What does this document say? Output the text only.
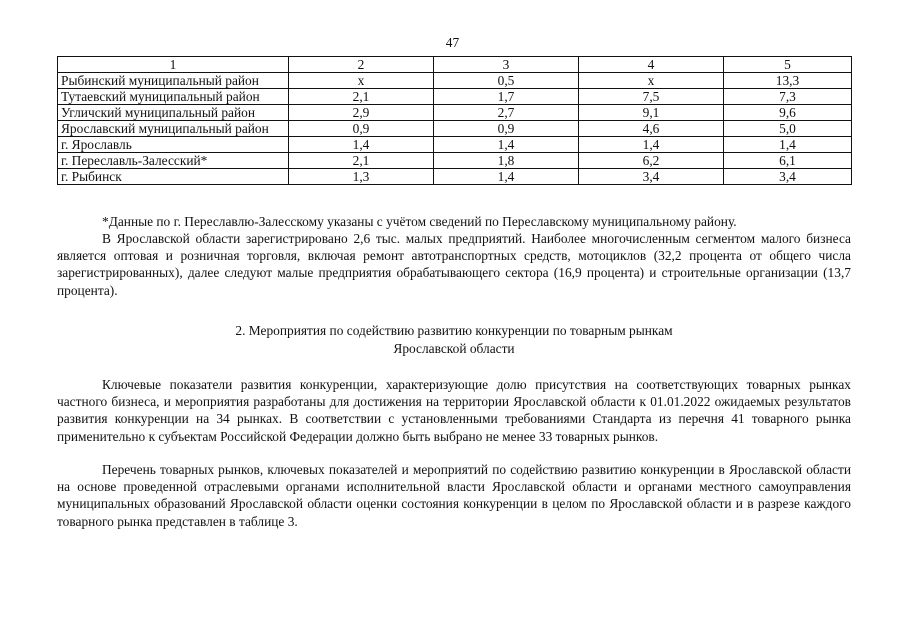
47
1	2	3	4	5
Рыбинский муниципальный район	х	0,5	х	13,3
Тутаевский муниципальный район	2,1	1,7	7,5	7,3
Угличский муниципальный район	2,9	2,7	9,1	9,6
Ярославский муниципальный район	0,9	0,9	4,6	5,0
г. Ярославль	1,4	1,4	1,4	1,4
г. Переславль-Залесский*	2,1	1,8	6,2	6,1
г. Рыбинск	1,3	1,4	3,4	3,4
*Данные по г. Переславлю-Залесскому указаны с учётом сведений по Переславскому муниципальному району.
В Ярославской области зарегистрировано 2,6 тыс. малых предприятий. Наиболее многочисленным сегментом малого бизнеса является оптовая и розничная торговля, включая ремонт автотранспортных средств, мотоциклов (32,2 процента от общего числа зарегистрированных), далее следуют малые предприятия обрабатывающего сектора (16,9 процента) и строительные организации (13,7 процента).
2. Мероприятия по содействию развитию конкуренции по товарным рынкам
Ярославской области
Ключевые показатели развития конкуренции, характеризующие долю присутствия на соответствующих товарных рынках частного бизнеса, и мероприятия разработаны для достижения на территории Ярославской области к 01.01.2022 ожидаемых результатов развития конкуренции на 34 рынках. В соответствии с установленными требованиями Стандарта из перечня 41 товарного рынка применительно к субъектам Российской Федерации должно быть выбрано не менее 33 товарных рынков.
Перечень товарных рынков, ключевых показателей и мероприятий по содействию развитию конкуренции в Ярославской области на основе проведенной отраслевыми органами исполнительной власти Ярославской области и органами местного самоуправления муниципальных образований Ярославской области оценки состояния конкуренции в целом по Ярославской области и в разрезе каждого товарного рынка представлен в таблице 3.
